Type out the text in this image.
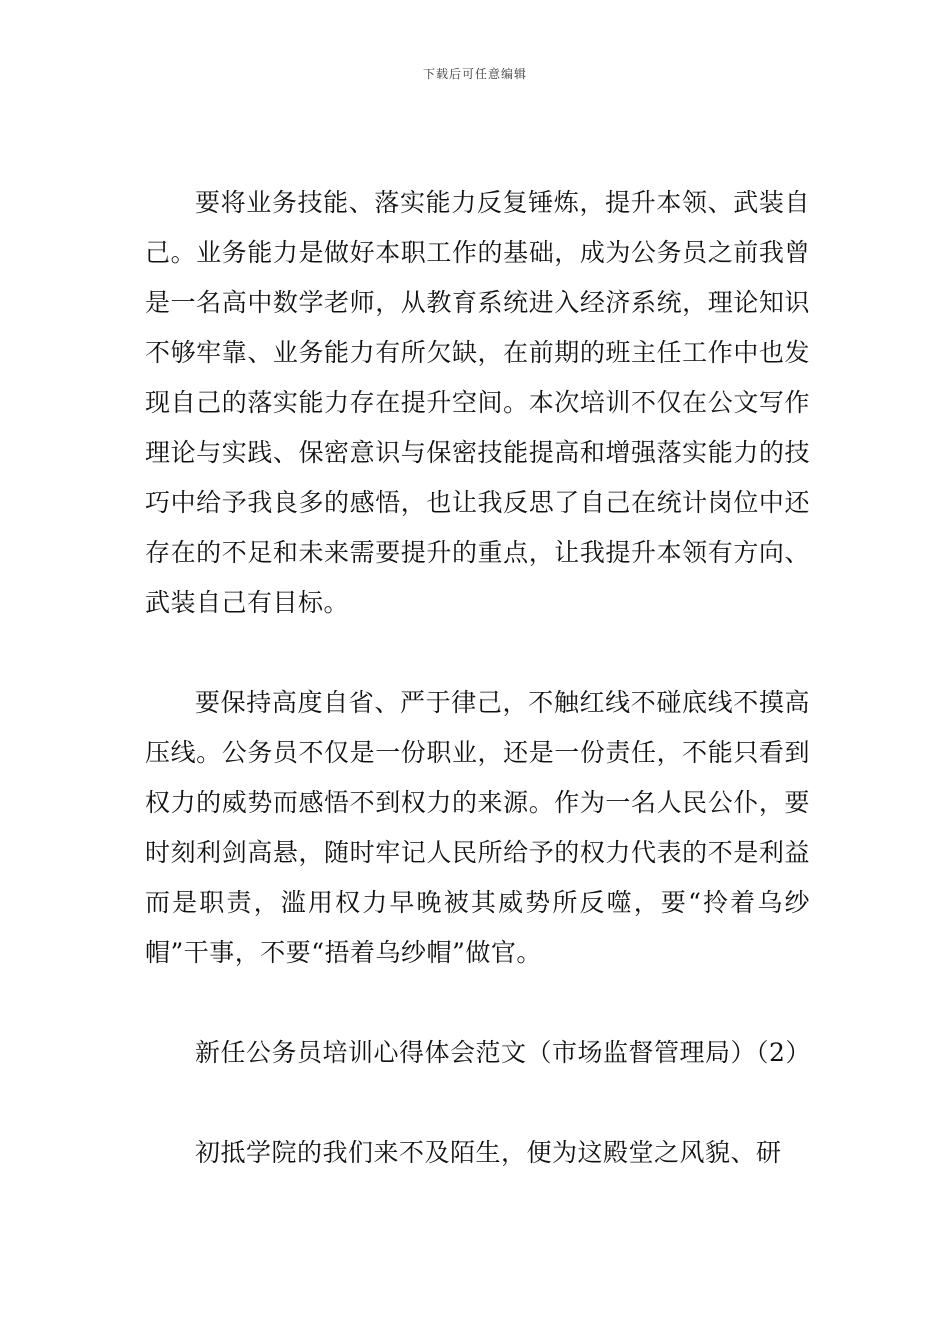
下载后可任意编辑

要将业务技能、落实能力反复锤炼，提升本领、武装自己。业务能力是做好本职工作的基础，成为公务员之前我曾是一名高中数学老师，从教育系统进入经济系统，理论知识不够牢靠、业务能力有所欠缺，在前期的班主任工作中也发现自己的落实能力存在提升空间。本次培训不仅在公文写作理论与实践、保密意识与保密技能提高和增强落实能力的技巧中给予我良多的感悟，也让我反思了自己在统计岗位中还存在的不足和未来需要提升的重点，让我提升本领有方向、武装自己有目标。

要保持高度自省、严于律己，不触红线不碰底线不摸高压线。公务员不仅是一份职业，还是一份责任，不能只看到权力的威势而感悟不到权力的来源。作为一名人民公仆，要时刻利剑高悬，随时牢记人民所给予的权力代表的不是利益而是职责，滥用权力早晚被其威势所反噬，要“拎着乌纱帽”干事，不要“捂着乌纱帽”做官。

新任公务员培训心得体会范文（市场监督管理局）（2）

初抵学院的我们来不及陌生，便为这殿堂之风貌、研
